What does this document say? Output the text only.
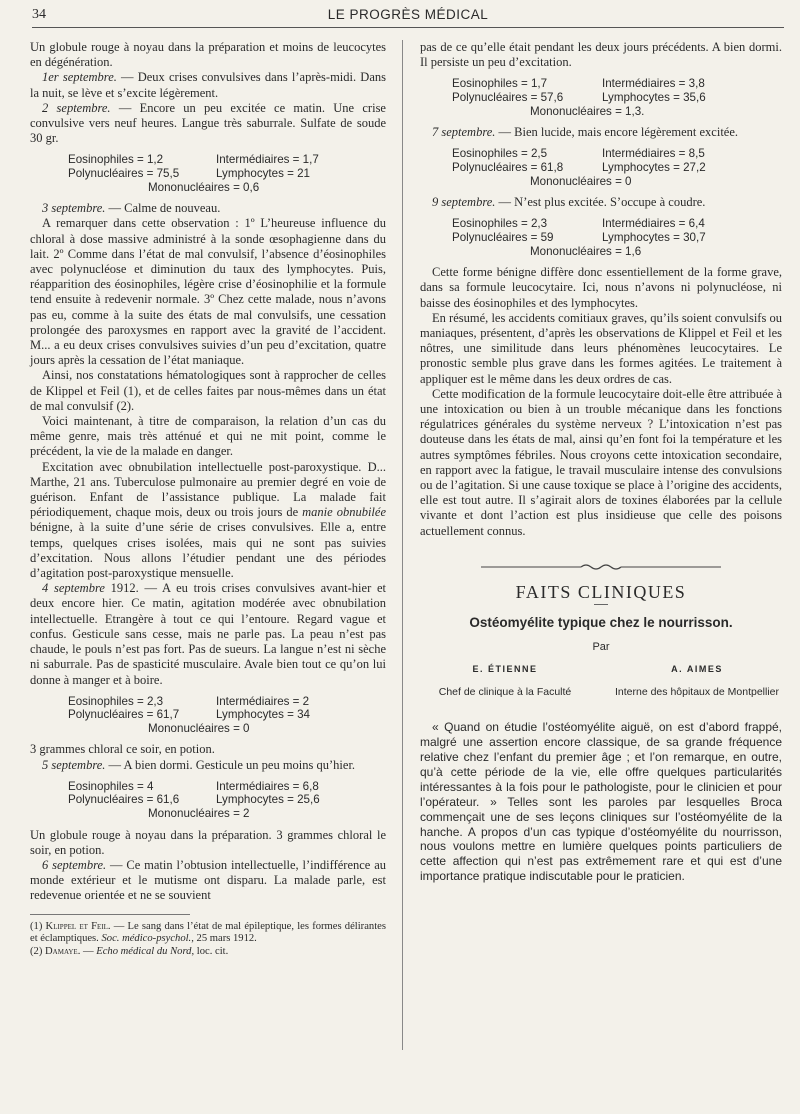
34	LE PROGRÈS MÉDICAL

Un globule rouge à noyau dans la préparation et moins de leucocytes en dégénération.

1er septembre. — Deux crises convulsives dans l’après-midi. Dans la nuit, se lève et s’excite légèrement.

2 septembre. — Encore un peu excitée ce matin. Une crise convulsive vers neuf heures. Langue très saburrale. Sulfate de soude 30 gr.

Eosinophiles = 1,2	Intermédiaires = 1,7
Polynucléaires = 75,5	Lymphocytes = 21
Mononucléaires = 0,6

3 septembre. — Calme de nouveau.

A remarquer dans cette observation : 1º L’heureuse influence du chloral à dose massive administré à la sonde œsophagienne dans du lait. 2º Comme dans l’état de mal convulsif, l’absence d’éosinophiles avec polynucléose et diminution du taux des lymphocytes. Puis, réapparition des éosinophiles, légère crise d’éosinophilie et la formule tend ensuite à redevenir normale. 3º Chez cette malade, nous n’avons pas eu, comme à la suite des états de mal convulsifs, une cessation prolongée des paroxysmes en rapport avec la gravité de l’accident. M... a eu deux crises convulsives suivies d’un peu d’excitation, quatre jours après la cessation de l’état maniaque.

Ainsi, nos constatations hématologiques sont à rapprocher de celles de Klippel et Feil (1), et de celles faites par nous-mêmes dans un état de mal convulsif (2).

Voici maintenant, à titre de comparaison, la relation d’un cas du même genre, mais très atténué et qui ne mit point, comme le précédent, la vie de la malade en danger.

Excitation avec obnubilation intellectuelle post-paroxystique. D... Marthe, 21 ans. Tuberculose pulmonaire au premier degré en voie de guérison. Enfant de l’assistance publique. La malade fait périodiquement, chaque mois, deux ou trois jours de manie obnubilée bénigne, à la suite d’une série de crises convulsives. Elle a, entre temps, quelques crises isolées, mais qui ne sont pas suivies d’excitation. Nous allons l’étudier pendant une des périodes d’agitation post-paroxystique mensuelle.

4 septembre 1912. — A eu trois crises convulsives avant-hier et deux encore hier. Ce matin, agitation modérée avec obnubilation intellectuelle. Etrangère à tout ce qui l’entoure. Regard vague et confus. Gesticule sans cesse, mais ne parle pas. La peau n’est pas chaude, le pouls n’est pas fort. Pas de sueurs. La langue n’est ni sèche ni saburrale. Pas de spasticité musculaire. Avale bien tout ce qu’on lui donne à manger et à boire.

Eosinophiles = 2,3	Intermédiaires = 2
Polynucléaires = 61,7	Lymphocytes = 34
Mononucléaires = 0

3 grammes chloral ce soir, en potion.

5 septembre. — A bien dormi. Gesticule un peu moins qu’hier.

Eosinophiles = 4	Intermédiaires = 6,8
Polynucléaires = 61,6	Lymphocytes = 25,6
Mononucléaires = 2

Un globule rouge à noyau dans la préparation. 3 grammes chloral le soir, en potion.

6 septembre. — Ce matin l’obtusion intellectuelle, l’indifférence au monde extérieur et le mutisme ont disparu. La malade parle, est redevenue orientée et ne se souvient

(1) Klippel et Feil. — Le sang dans l’état de mal épileptique, les formes délirantes et éclamptiques. Soc. médico-psychol., 25 mars 1912.

(2) Damaye. — Echo médical du Nord, loc. cit.

pas de ce qu’elle était pendant les deux jours précédents. A bien dormi. Il persiste un peu d’excitation.

Eosinophiles = 1,7	Intermédiaires = 3,8
Polynucléaires = 57,6	Lymphocytes = 35,6
Mononucléaires = 1,3.

7 septembre. — Bien lucide, mais encore légèrement excitée.

Eosinophiles = 2,5	Intermédiaires = 8,5
Polynucléaires = 61,8	Lymphocytes = 27,2
Mononucléaires = 0

9 septembre. — N’est plus excitée. S’occupe à coudre.

Eosinophiles = 2,3	Intermédiaires = 6,4
Polynucléaires = 59	Lymphocytes = 30,7
Mononucléaires = 1,6

Cette forme bénigne diffère donc essentiellement de la forme grave, dans sa formule leucocytaire. Ici, nous n’avons ni polynucléose, ni baisse des éosinophiles et des lymphocytes.

En résumé, les accidents comitiaux graves, qu’ils soient convulsifs ou maniaques, présentent, d’après les observations de Klippel et Feil et les nôtres, une similitude dans leurs phénomènes leucocytaires. Le pronostic semble plus grave dans les formes agitées. Le traitement à appliquer est le même dans les deux ordres de cas.

Cette modification de la formule leucocytaire doit-elle être attribuée à une intoxication ou bien à un trouble mécanique dans les fonctions régulatrices générales du système nerveux ? L’intoxication n’est pas douteuse dans les états de mal, ainsi qu’en font foi la température et les autres symptômes fébriles. Nous croyons cette intoxication secondaire, en rapport avec la fatigue, le travail musculaire intense des convulsions ou de l’agitation. Si une cause toxique se place à l’origine des accidents, elle est tout autre. Il s’agirait alors de toxines élaborées par la cellule vivante et dont l’action est plus insidieuse que celle des poisons actuellement connus.

FAITS CLINIQUES
Ostéomyélite typique chez le nourrisson.
Par
E. ÉTIENNE
Chef de clinique à la Faculté
A. AIMES
Interne des hôpitaux de Montpellier

« Quand on étudie l’ostéomyélite aiguë, on est d’abord frappé, malgré une assertion encore classique, de sa grande fréquence relative chez l’enfant du premier âge ; et l’on remarque, en outre, qu’à cette période de la vie, elle offre quelques particularités intéressantes à la fois pour le pathologiste, pour le clinicien et pour l’opérateur. » Telles sont les paroles par lesquelles Broca commençait une de ses leçons cliniques sur l’ostéomyélite de la hanche. A propos d’un cas typique d’ostéomyélite du nourrisson, nous voulons mettre en lumière quelques points particuliers de cette affection qui n’est pas extrêmement rare et qui est d’une importance pratique indiscutable pour le praticien.
